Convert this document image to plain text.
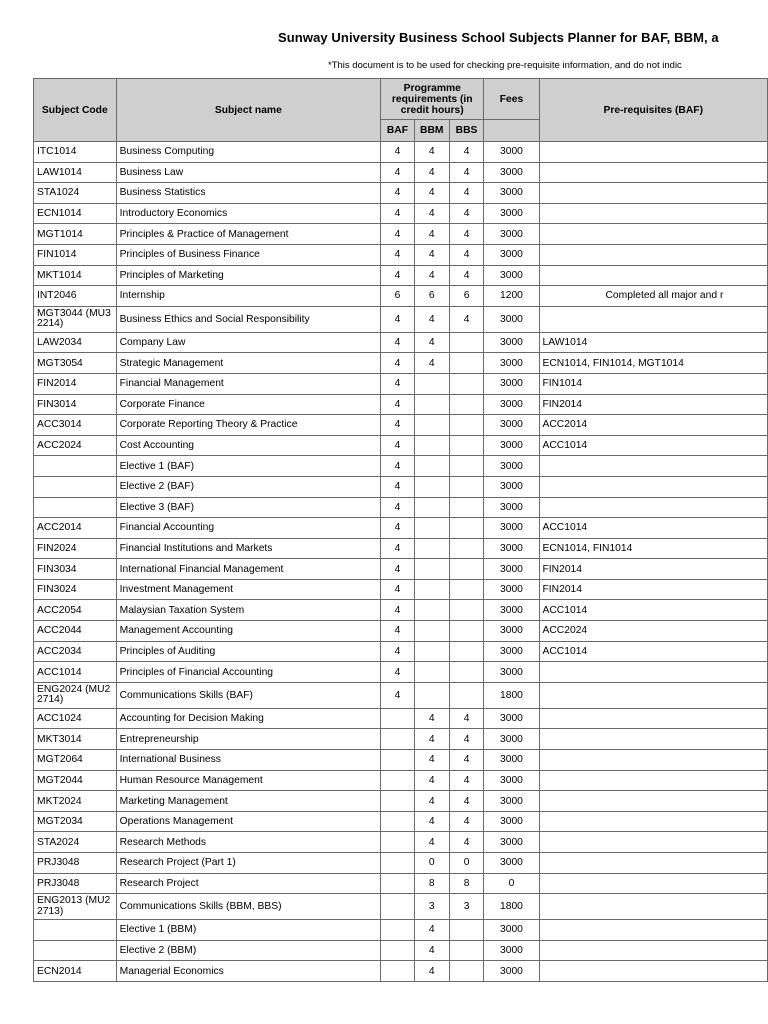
Sunway University Business School Subjects Planner for BAF, BBM, a
*This document is to be used for checking pre-requisite information, and do not indic
Subject Code	Subject name	Programme requirements (in credit hours)			Fees	Pre-requisites (BAF)
		BAF	BBM	BBS		
ITC1014	Business Computing	4	4	4	3000	
LAW1014	Business Law	4	4	4	3000	
STA1024	Business Statistics	4	4	4	3000	
ECN1014	Introductory Economics	4	4	4	3000	
MGT1014	Principles & Practice of Management	4	4	4	3000	
FIN1014	Principles of Business Finance	4	4	4	3000	
MKT1014	Principles of Marketing	4	4	4	3000	
INT2046	Internship	6	6	6	1200	Completed all major and r
MGT3044 (MU3 2214)	Business Ethics and Social Responsibility	4	4	4	3000	
LAW2034	Company Law	4	4		3000	LAW1014
MGT3054	Strategic Management	4	4		3000	ECN1014, FIN1014, MGT1014
FIN2014	Financial Management	4			3000	FIN1014
FIN3014	Corporate Finance	4			3000	FIN2014
ACC3014	Corporate Reporting Theory & Practice	4			3000	ACC2014
ACC2024	Cost Accounting	4			3000	ACC1014
	Elective 1 (BAF)	4			3000	
	Elective 2 (BAF)	4			3000	
	Elective 3 (BAF)	4			3000	
ACC2014	Financial Accounting	4			3000	ACC1014
FIN2024	Financial Institutions and Markets	4			3000	ECN1014, FIN1014
FIN3034	International Financial Management	4			3000	FIN2014
FIN3024	Investment Management	4			3000	FIN2014
ACC2054	Malaysian Taxation System	4			3000	ACC1014
ACC2044	Management Accounting	4			3000	ACC2024
ACC2034	Principles of Auditing	4			3000	ACC1014
ACC1014	Principles of Financial Accounting	4			3000	
ENG2024 (MU2 2714)	Communications Skills (BAF)	4			1800	
ACC1024	Accounting for Decision Making		4	4	3000	
MKT3014	Entrepreneurship		4	4	3000	
MGT2064	International Business		4	4	3000	
MGT2044	Human Resource Management		4	4	3000	
MKT2024	Marketing Management		4	4	3000	
MGT2034	Operations Management		4	4	3000	
STA2024	Research Methods		4	4	3000	
PRJ3048	Research Project (Part 1)		0	0	3000	
PRJ3048	Research Project		8	8	0	
ENG2013 (MU2 2713)	Communications Skills (BBM, BBS)		3	3	1800	
	Elective 1 (BBM)		4		3000	
	Elective 2 (BBM)		4		3000	
ECN2014	Managerial Economics		4		3000	
